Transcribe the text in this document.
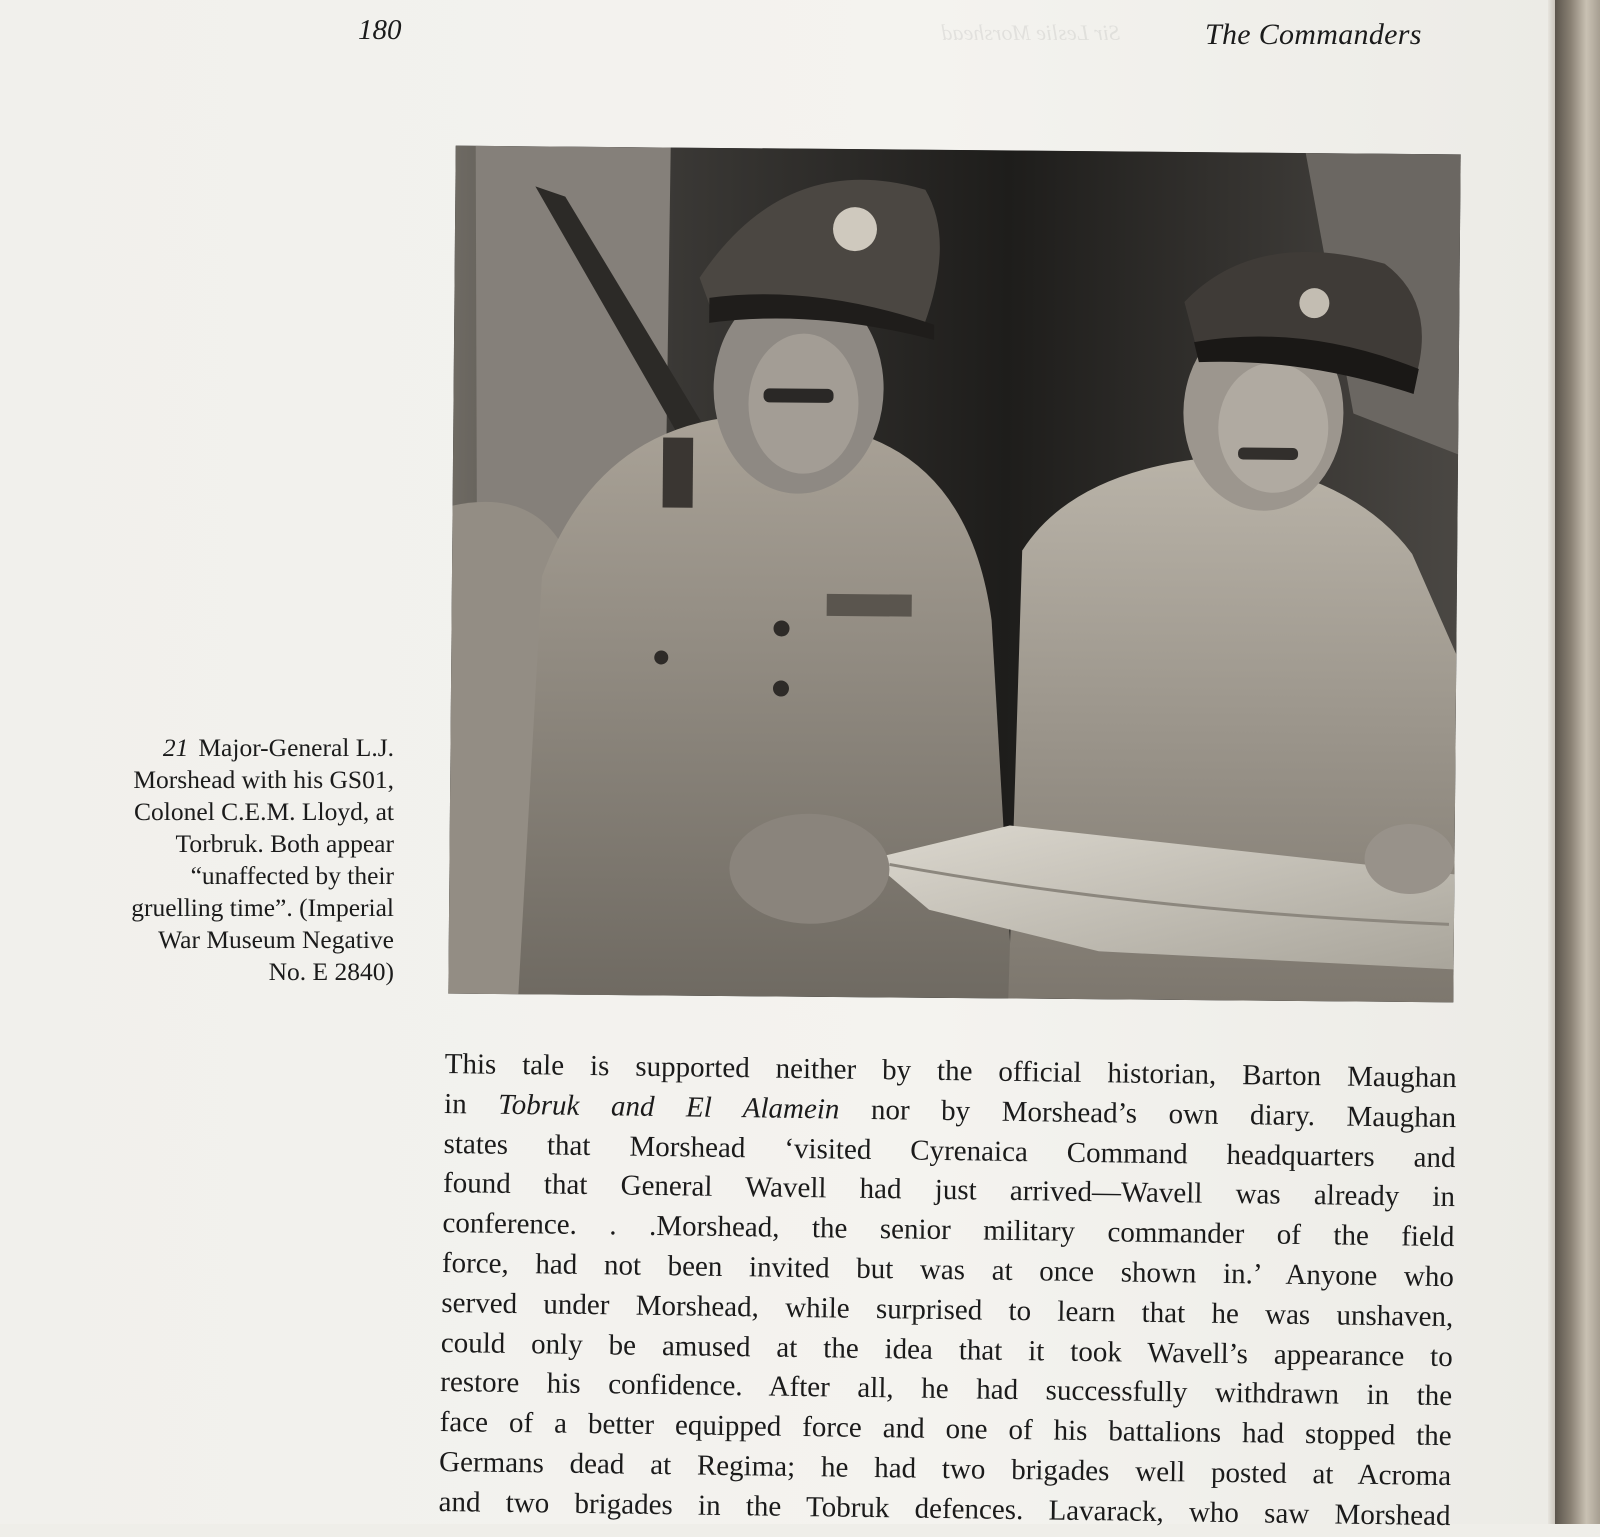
180	The Commanders
Sir Leslie Morshead
21 Major-General L.J.
Morshead with his GS01,
Colonel C.E.M. Lloyd, at
Torbruk. Both appear
“unaffected by their
gruelling time”. (Imperial
War Museum Negative
No. E 2840)
This tale is supported neither by the official historian, Barton Maughan
in Tobruk and El Alamein nor by Morshead’s own diary. Maughan
states that Morshead ‘visited Cyrenaica Command headquarters and
found that General Wavell had just arrived—Wavell was already in
conference. . .Morshead, the senior military commander of the field
force, had not been invited but was at once shown in.’ Anyone who
served under Morshead, while surprised to learn that he was unshaven,
could only be amused at the idea that it took Wavell’s appearance to
restore his confidence. After all, he had successfully withdrawn in the
face of a better equipped force and one of his battalions had stopped the
Germans dead at Regima; he had two brigades well posted at Acroma
and two brigades in the Tobruk defences. Lavarack, who saw Morshead
